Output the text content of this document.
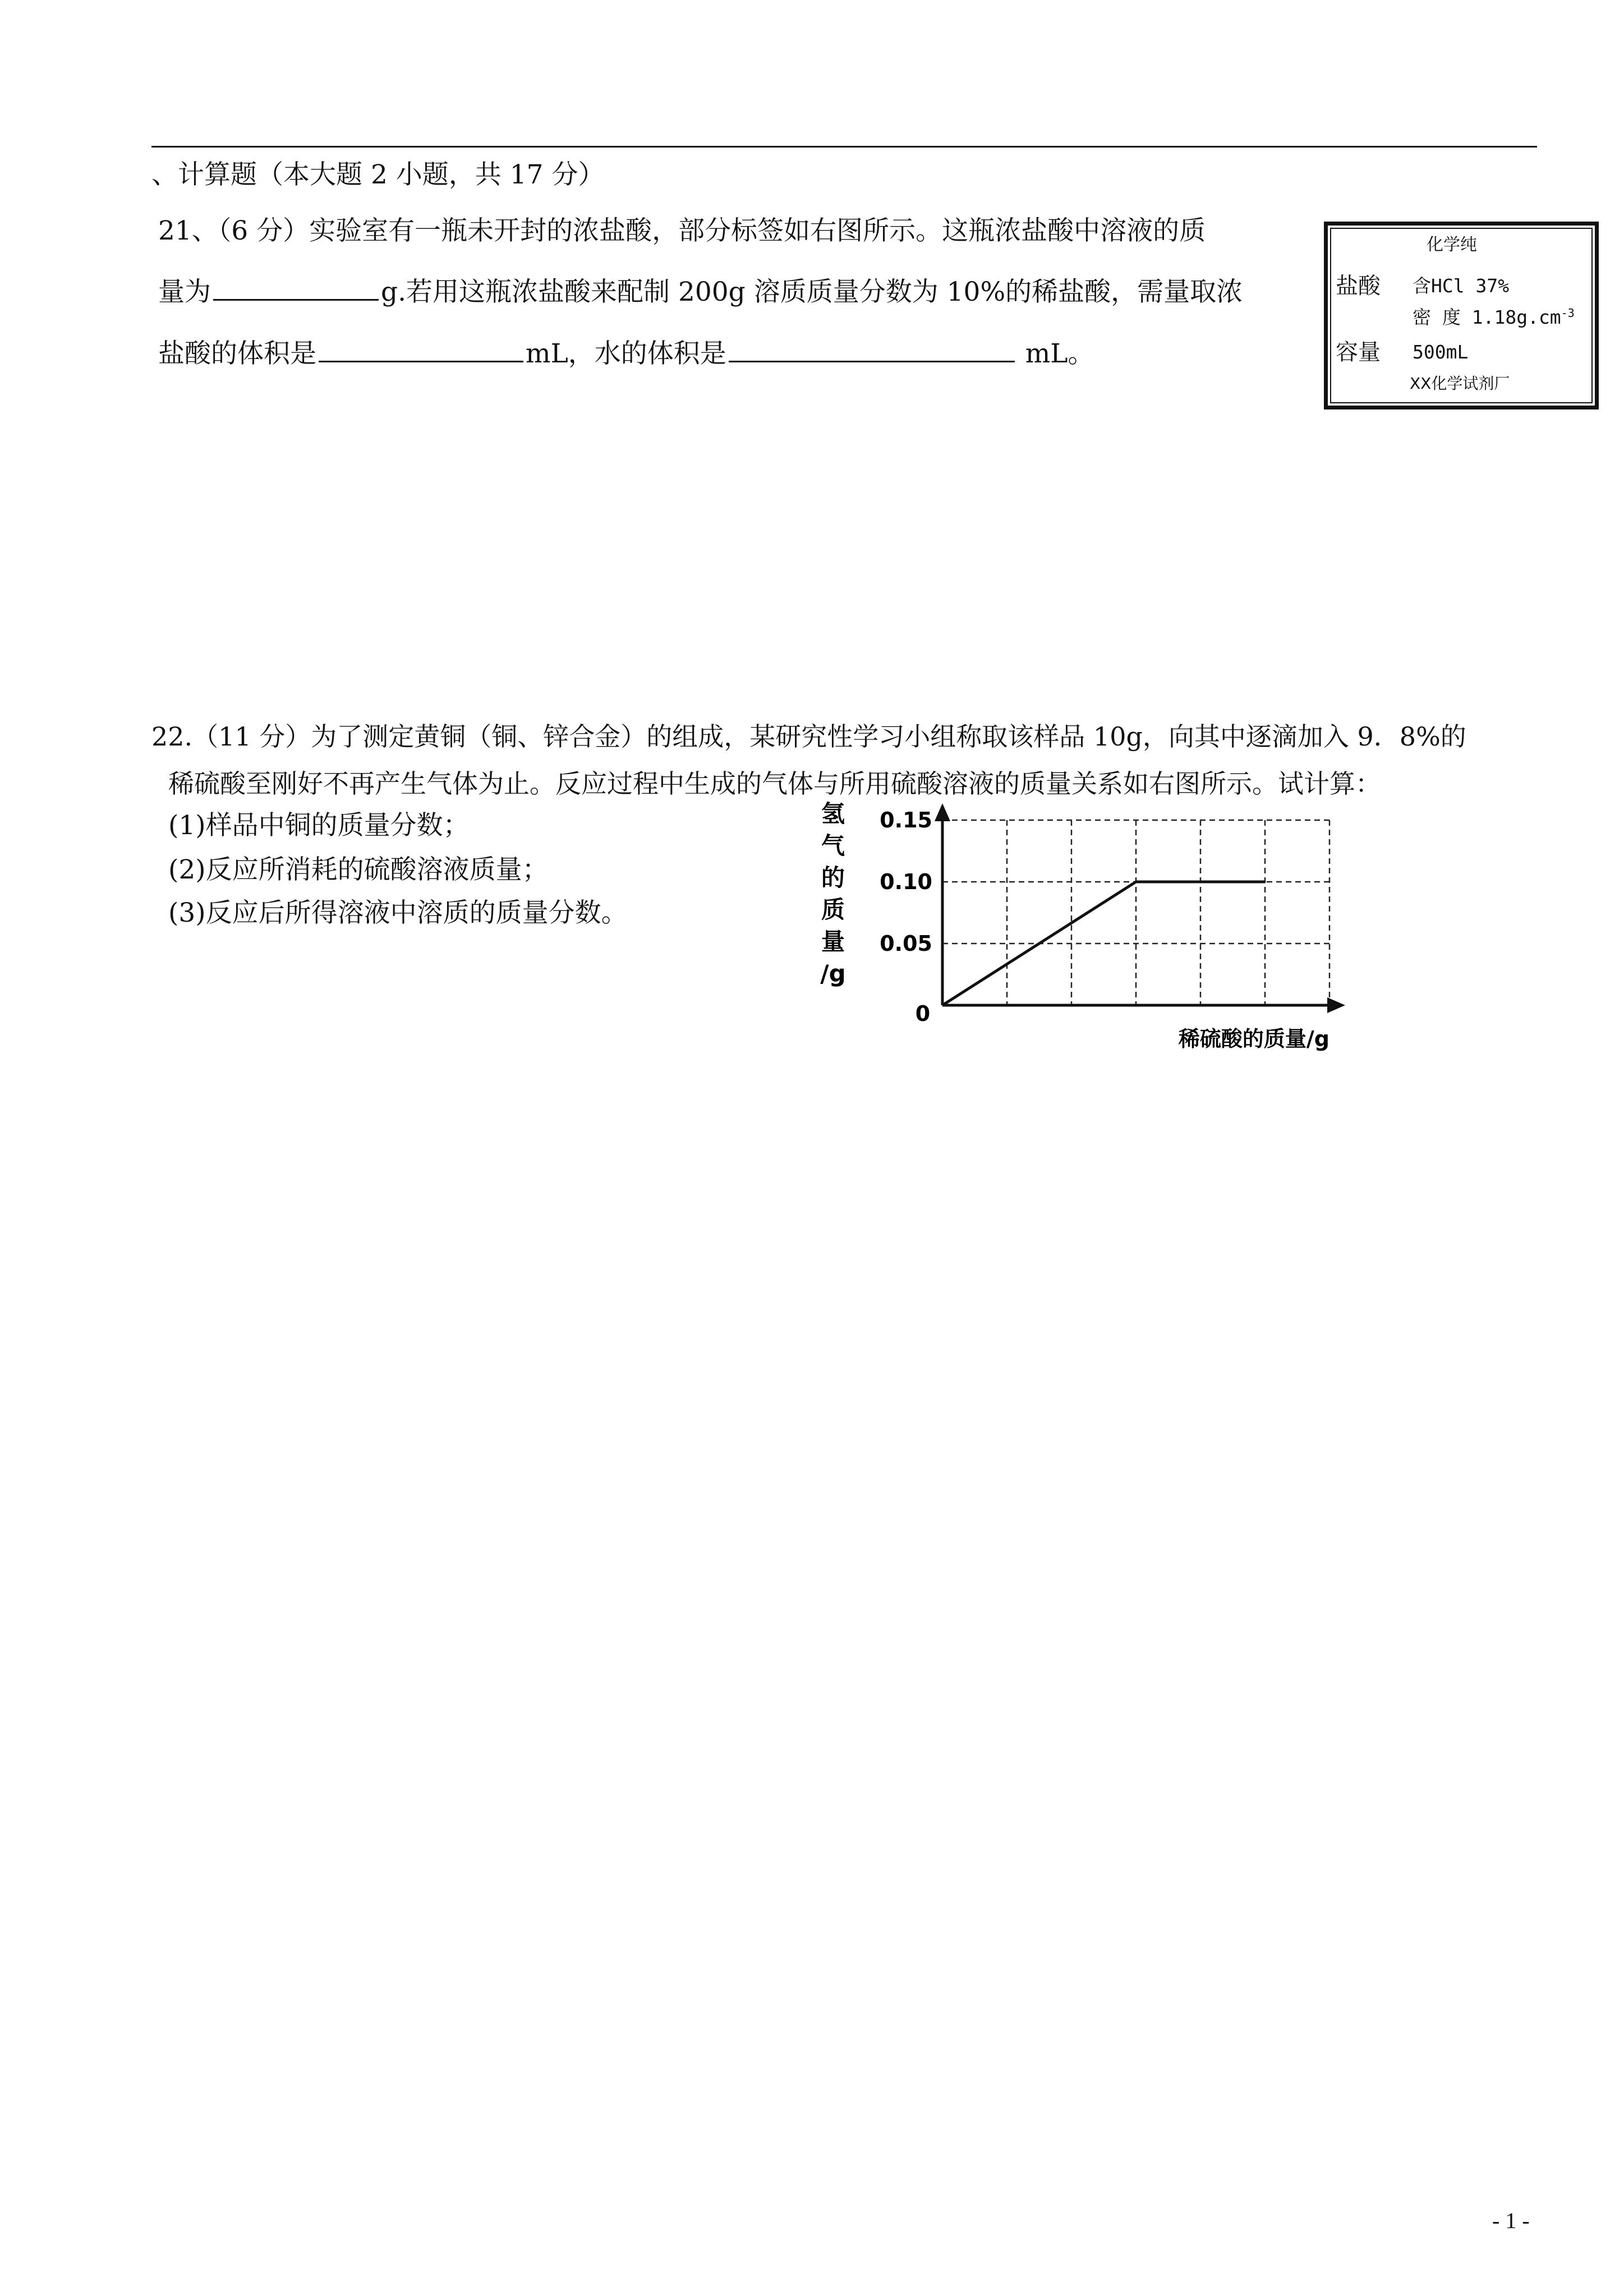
、计算题（本大题 2 小题，共 17 分）
21、（6 分）实验室有一瓶未开封的浓盐酸，部分标签如右图所示。这瓶浓盐酸中溶液的质
量为	g.若用这瓶浓盐酸来配制 200g 溶质质量分数为 10%的稀盐酸，需量取浓
盐酸的体积是	mL，水的体积是	mL。
化学纯
盐酸 含HCl 37%
密 度 $1.18g.cm^{-3}$
容量 500mL
XX化学试剂厂
22.（11 分）为了测定黄铜（铜、锌合金）的组成，某研究性学习小组称取该样品 10g，向其中逐滴加入 9．8%的
稀硫酸至刚好不再产生气体为止。反应过程中生成的气体与所用硫酸溶液的质量关系如右图所示。试计算：
(1)样品中铜的质量分数；
(2)反应所消耗的硫酸溶液质量；
(3)反应后所得溶液中溶质的质量分数。
0.05
0.10
0.15
氢
气
的
质
量
/g
0
稀硫酸的质量/g
- 1 -
